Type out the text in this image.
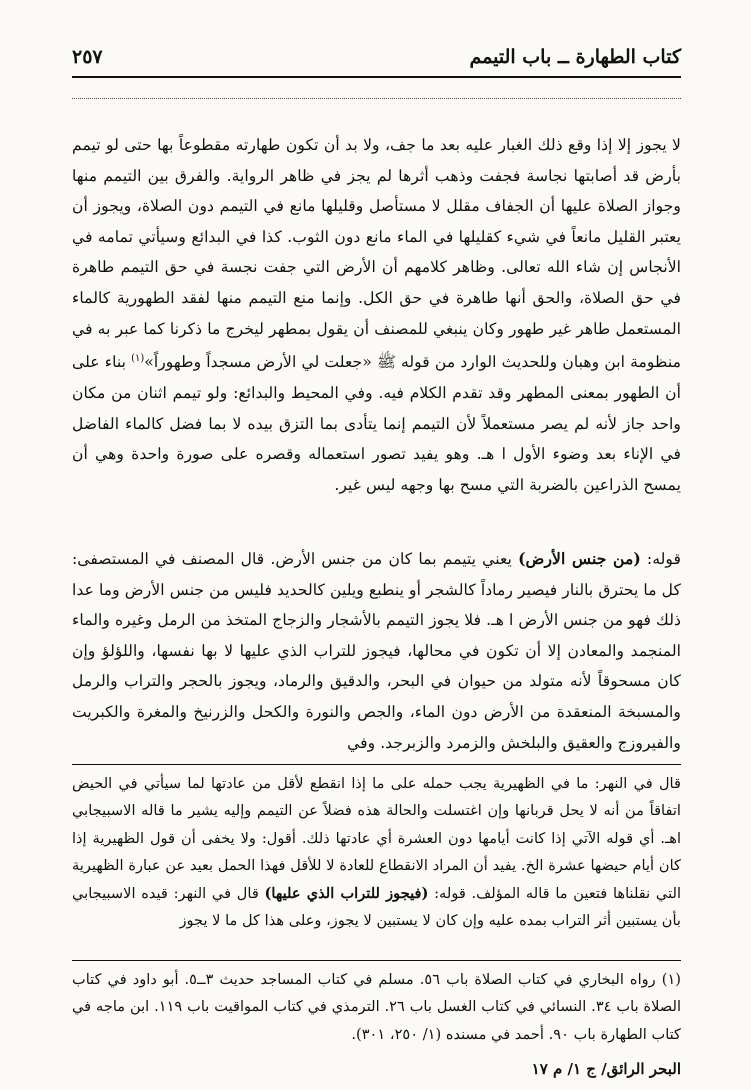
كتاب الطهارة ــ باب التيمم
٢٥٧

لا يجوز إلا إذا وقع ذلك الغبار عليه بعد ما جف، ولا بد أن تكون طهارته مقطوعاً بها حتى لو تيمم بأرض قد أصابتها نجاسة فجفت وذهب أثرها لم يجز في ظاهر الرواية. والفرق بين التيمم منها وجواز الصلاة عليها أن الجفاف مقلل لا مستأصل وقليلها مانع في التيمم دون الصلاة، ويجوز أن يعتبر القليل مانعاً في شيء كقليلها في الماء مانع دون الثوب. كذا في البدائع وسيأتي تمامه في الأنجاس إن شاء الله تعالى. وظاهر كلامهم أن الأرض التي جفت نجسة في حق التيمم طاهرة في حق الصلاة، والحق أنها طاهرة في حق الكل. وإنما منع التيمم منها لفقد الطهورية كالماء المستعمل طاهر غير طهور وكان ينبغي للمصنف أن يقول بمطهر ليخرج ما ذكرنا كما عبر به في منظومة ابن وهبان وللحديث الوارد من قوله ﷺ «جعلت لي الأرض مسجداً وطهوراً»$^{(١)}$ بناء على أن الطهور بمعنى المطهر وقد تقدم الكلام فيه. وفي المحيط والبدائع: ولو تيمم اثنان من مكان واحد جاز لأنه لم يصر مستعملاً لأن التيمم إنما يتأدى بما التزق بيده لا بما فضل كالماء الفاضل في الإناء بعد وضوء الأول ا هـ. وهو يفيد تصور استعماله وقصره على صورة واحدة وهي أن يمسح الذراعين بالضربة التي مسح بها وجهه ليس غير.

قوله: (من جنس الأرض) يعني يتيمم بما كان من جنس الأرض. قال المصنف في المستصفى: كل ما يحترق بالنار فيصير رماداً كالشجر أو ينطبع ويلين كالحديد فليس من جنس الأرض وما عدا ذلك فهو من جنس الأرض ا هـ. فلا يجوز التيمم بالأشجار والزجاج المتخذ من الرمل وغيره والماء المنجمد والمعادن إلا أن تكون في محالها، فيجوز للتراب الذي عليها لا بها نفسها، واللؤلؤ وإن كان مسحوقاً لأنه متولد من حيوان في البحر، والدقيق والرماد، ويجوز بالحجر والتراب والرمل والمسبخة المنعقدة من الأرض دون الماء، والجص والنورة والكحل والزرنيخ والمغرة والكبريت والفيروزج والعقيق والبلخش والزمرد والزبرجد. وفي

قال في النهر: ما في الظهيرية يجب حمله على ما إذا انقطع لأقل من عادتها لما سيأتي في الحيض اتفاقاً من أنه لا يحل قربانها وإن اغتسلت والحالة هذه فضلاً عن التيمم وإليه يشير ما قاله الاسبيجابي اهـ. أي قوله الآتي إذا كانت أيامها دون العشرة أي عادتها ذلك. أقول: ولا يخفى أن قول الظهيرية إذا كان أيام حيضها عشرة الخ. يفيد أن المراد الانقطاع للعادة لا للأقل فهذا الحمل بعيد عن عبارة الظهيرية التي نقلناها فتعين ما قاله المؤلف. قوله: (فيجوز للتراب الذي عليها) قال في النهر: قيده الاسبيجابي بأن يستبين أثر التراب بمده عليه وإن كان لا يستبين لا يجوز، وعلى هذا كل ما لا يجوز

(١) رواه البخاري في كتاب الصلاة باب ٥٦. مسلم في كتاب المساجد حديث ٣ــ٥. أبو داود في كتاب الصلاة باب ٣٤. النسائي في كتاب الغسل باب ٢٦. الترمذي في كتاب المواقيت باب ١١٩. ابن ماجه في كتاب الطهارة باب ٩٠. أحمد في مسنده (١/ ٢٥٠، ٣٠١).

البحر الرائق/ ج ١/ م ١٧
